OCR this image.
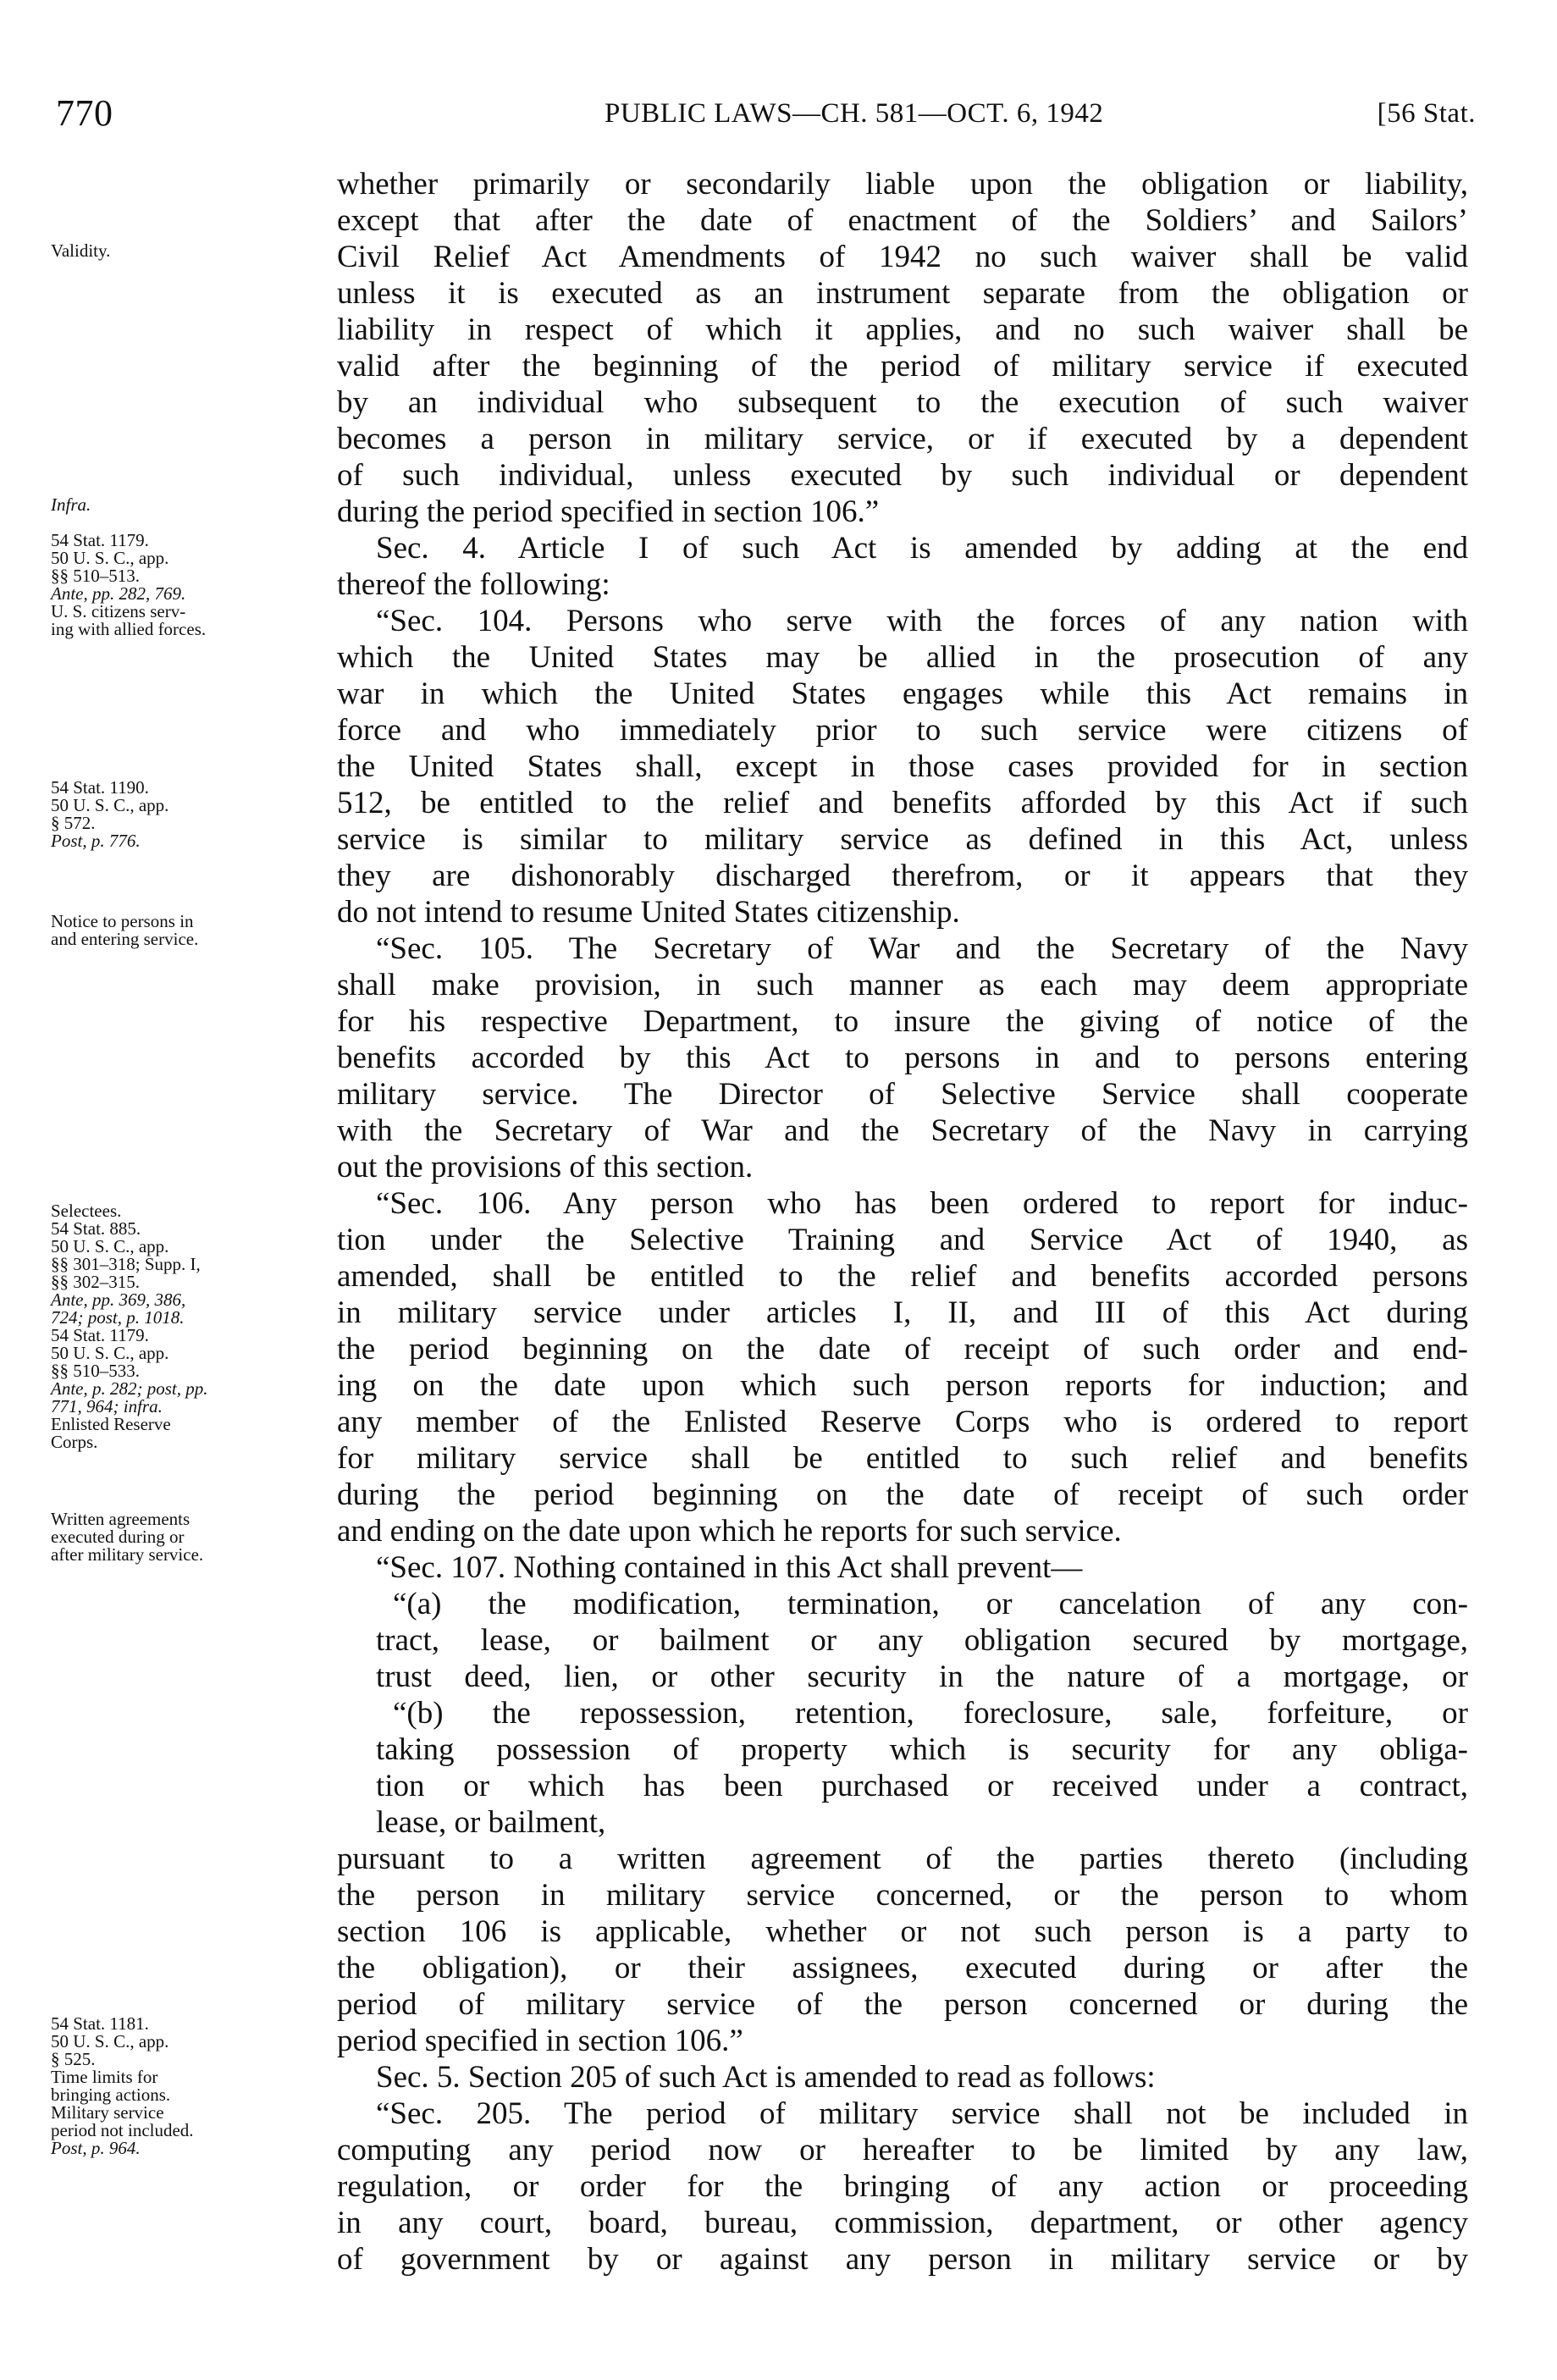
770	PUBLIC LAWS—CH. 581—OCT. 6, 1942	[56 Stat.
Validity.
Infra.
54 Stat. 1179.
50 U. S. C., app.
§§ 510–513.
Ante, pp. 282, 769.
U. S. citizens serv-
ing with allied forces.
54 Stat. 1190.
50 U. S. C., app.
§ 572.
Post, p. 776.
Notice to persons in
and entering service.
Selectees.
54 Stat. 885.
50 U. S. C., app.
§§ 301–318; Supp. I,
§§ 302–315.
Ante, pp. 369, 386,
724; post, p. 1018.
54 Stat. 1179.
50 U. S. C., app.
§§ 510–533.
Ante, p. 282; post, pp.
771, 964; infra.
Enlisted Reserve
Corps.
Written agreements
executed during or
after military service.
54 Stat. 1181.
50 U. S. C., app.
§ 525.
Time limits for
bringing actions.
Military service
period not included.
Post, p. 964.
whether primarily or secondarily liable upon the obligation or liability,
except that after the date of enactment of the Soldiers’ and Sailors’
Civil Relief Act Amendments of 1942 no such waiver shall be valid
unless it is executed as an instrument separate from the obligation or
liability in respect of which it applies, and no such waiver shall be
valid after the beginning of the period of military service if executed
by an individual who subsequent to the execution of such waiver
becomes a person in military service, or if executed by a dependent
of such individual, unless executed by such individual or dependent
during the period specified in section 106.”
Sec. 4. Article I of such Act is amended by adding at the end
thereof the following:
“Sec. 104. Persons who serve with the forces of any nation with
which the United States may be allied in the prosecution of any
war in which the United States engages while this Act remains in
force and who immediately prior to such service were citizens of
the United States shall, except in those cases provided for in section
512, be entitled to the relief and benefits afforded by this Act if such
service is similar to military service as defined in this Act, unless
they are dishonorably discharged therefrom, or it appears that they
do not intend to resume United States citizenship.
“Sec. 105. The Secretary of War and the Secretary of the Navy
shall make provision, in such manner as each may deem appropriate
for his respective Department, to insure the giving of notice of the
benefits accorded by this Act to persons in and to persons entering
military service. The Director of Selective Service shall cooperate
with the Secretary of War and the Secretary of the Navy in carrying
out the provisions of this section.
“Sec. 106. Any person who has been ordered to report for induc-
tion under the Selective Training and Service Act of 1940, as
amended, shall be entitled to the relief and benefits accorded persons
in military service under articles I, II, and III of this Act during
the period beginning on the date of receipt of such order and end-
ing on the date upon which such person reports for induction; and
any member of the Enlisted Reserve Corps who is ordered to report
for military service shall be entitled to such relief and benefits
during the period beginning on the date of receipt of such order
and ending on the date upon which he reports for such service.
“Sec. 107. Nothing contained in this Act shall prevent—
“(a) the modification, termination, or cancelation of any con-
tract, lease, or bailment or any obligation secured by mortgage,
trust deed, lien, or other security in the nature of a mortgage, or
“(b) the repossession, retention, foreclosure, sale, forfeiture, or
taking possession of property which is security for any obliga-
tion or which has been purchased or received under a contract,
lease, or bailment,
pursuant to a written agreement of the parties thereto (including
the person in military service concerned, or the person to whom
section 106 is applicable, whether or not such person is a party to
the obligation), or their assignees, executed during or after the
period of military service of the person concerned or during the
period specified in section 106.”
Sec. 5. Section 205 of such Act is amended to read as follows:
“Sec. 205. The period of military service shall not be included in
computing any period now or hereafter to be limited by any law,
regulation, or order for the bringing of any action or proceeding
in any court, board, bureau, commission, department, or other agency
of government by or against any person in military service or by
